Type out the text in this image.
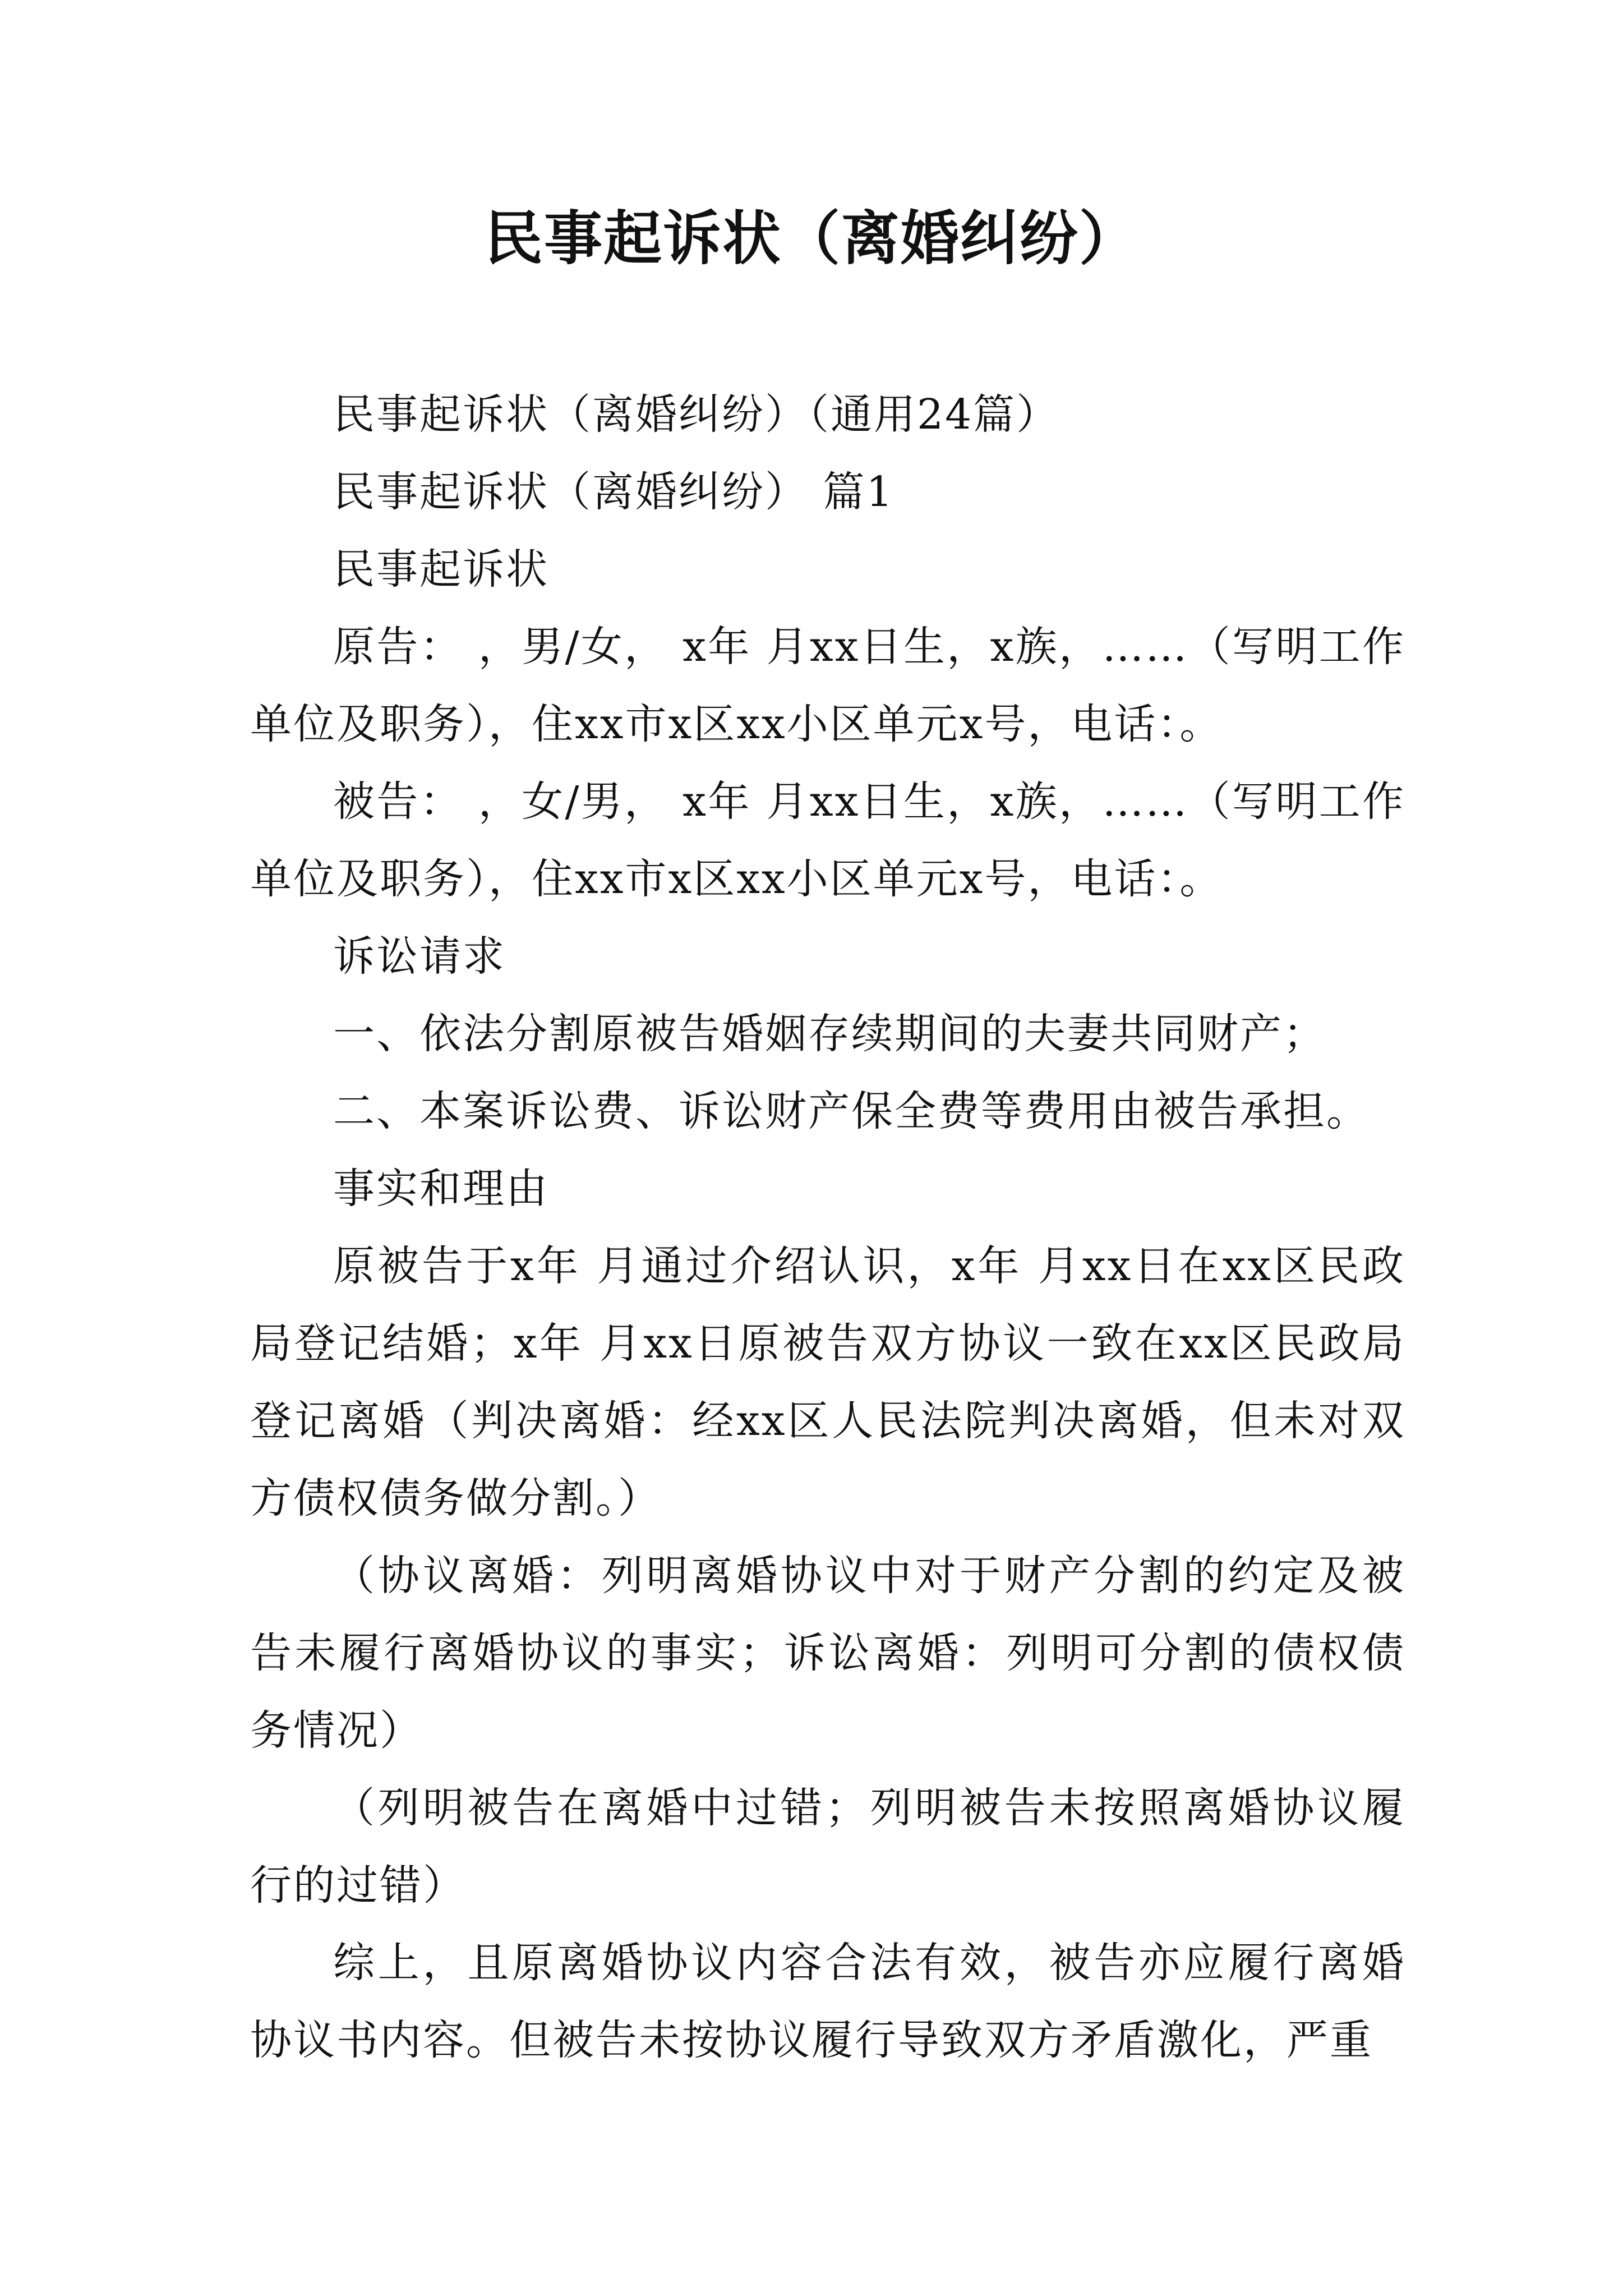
民事起诉状（离婚纠纷）

民事起诉状（离婚纠纷）（通用24篇）

民事起诉状（离婚纠纷） 篇1

民事起诉状

原告： ，男/女， x年 月xx日生，x族，……（写明工作单位及职务），住xx市x区xx小区单元x号，电话：。

被告： ，女/男， x年 月xx日生，x族，……（写明工作单位及职务），住xx市x区xx小区单元x号，电话：。

诉讼请求

一、依法分割原被告婚姻存续期间的夫妻共同财产；

二、本案诉讼费、诉讼财产保全费等费用由被告承担。

事实和理由

原被告于x年 月通过介绍认识，x年 月xx日在xx区民政局登记结婚；x年 月xx日原被告双方协议一致在xx区民政局登记离婚（判决离婚：经xx区人民法院判决离婚，但未对双方债权债务做分割。）

（协议离婚：列明离婚协议中对于财产分割的约定及被告未履行离婚协议的事实；诉讼离婚：列明可分割的债权债务情况）

（列明被告在离婚中过错；列明被告未按照离婚协议履行的过错）

综上，且原离婚协议内容合法有效，被告亦应履行离婚协议书内容。但被告未按协议履行导致双方矛盾激化，严重
